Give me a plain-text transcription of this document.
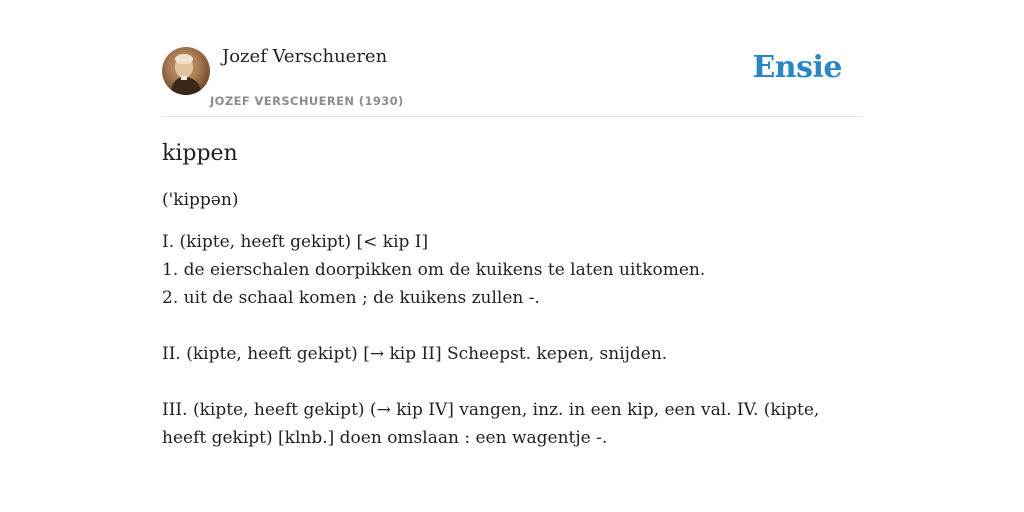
Jozef Verschueren
JOZEF VERSCHUEREN (1930)
Ensie
kippen

('kippən)

I. (kipte, heeft gekipt) [< kip I]

1. de eierschalen doorpikken om de kuikens te laten uitkomen.

2. uit de schaal komen ; de kuikens zullen -.

II. (kipte, heeft gekipt) [→ kip II] Scheepst. kepen, snijden.

III. (kipte, heeft gekipt) (→ kip IV] vangen, inz. in een kip, een val. IV. (kipte, heeft gekipt) [klnb.] doen omslaan : een wagentje -.
